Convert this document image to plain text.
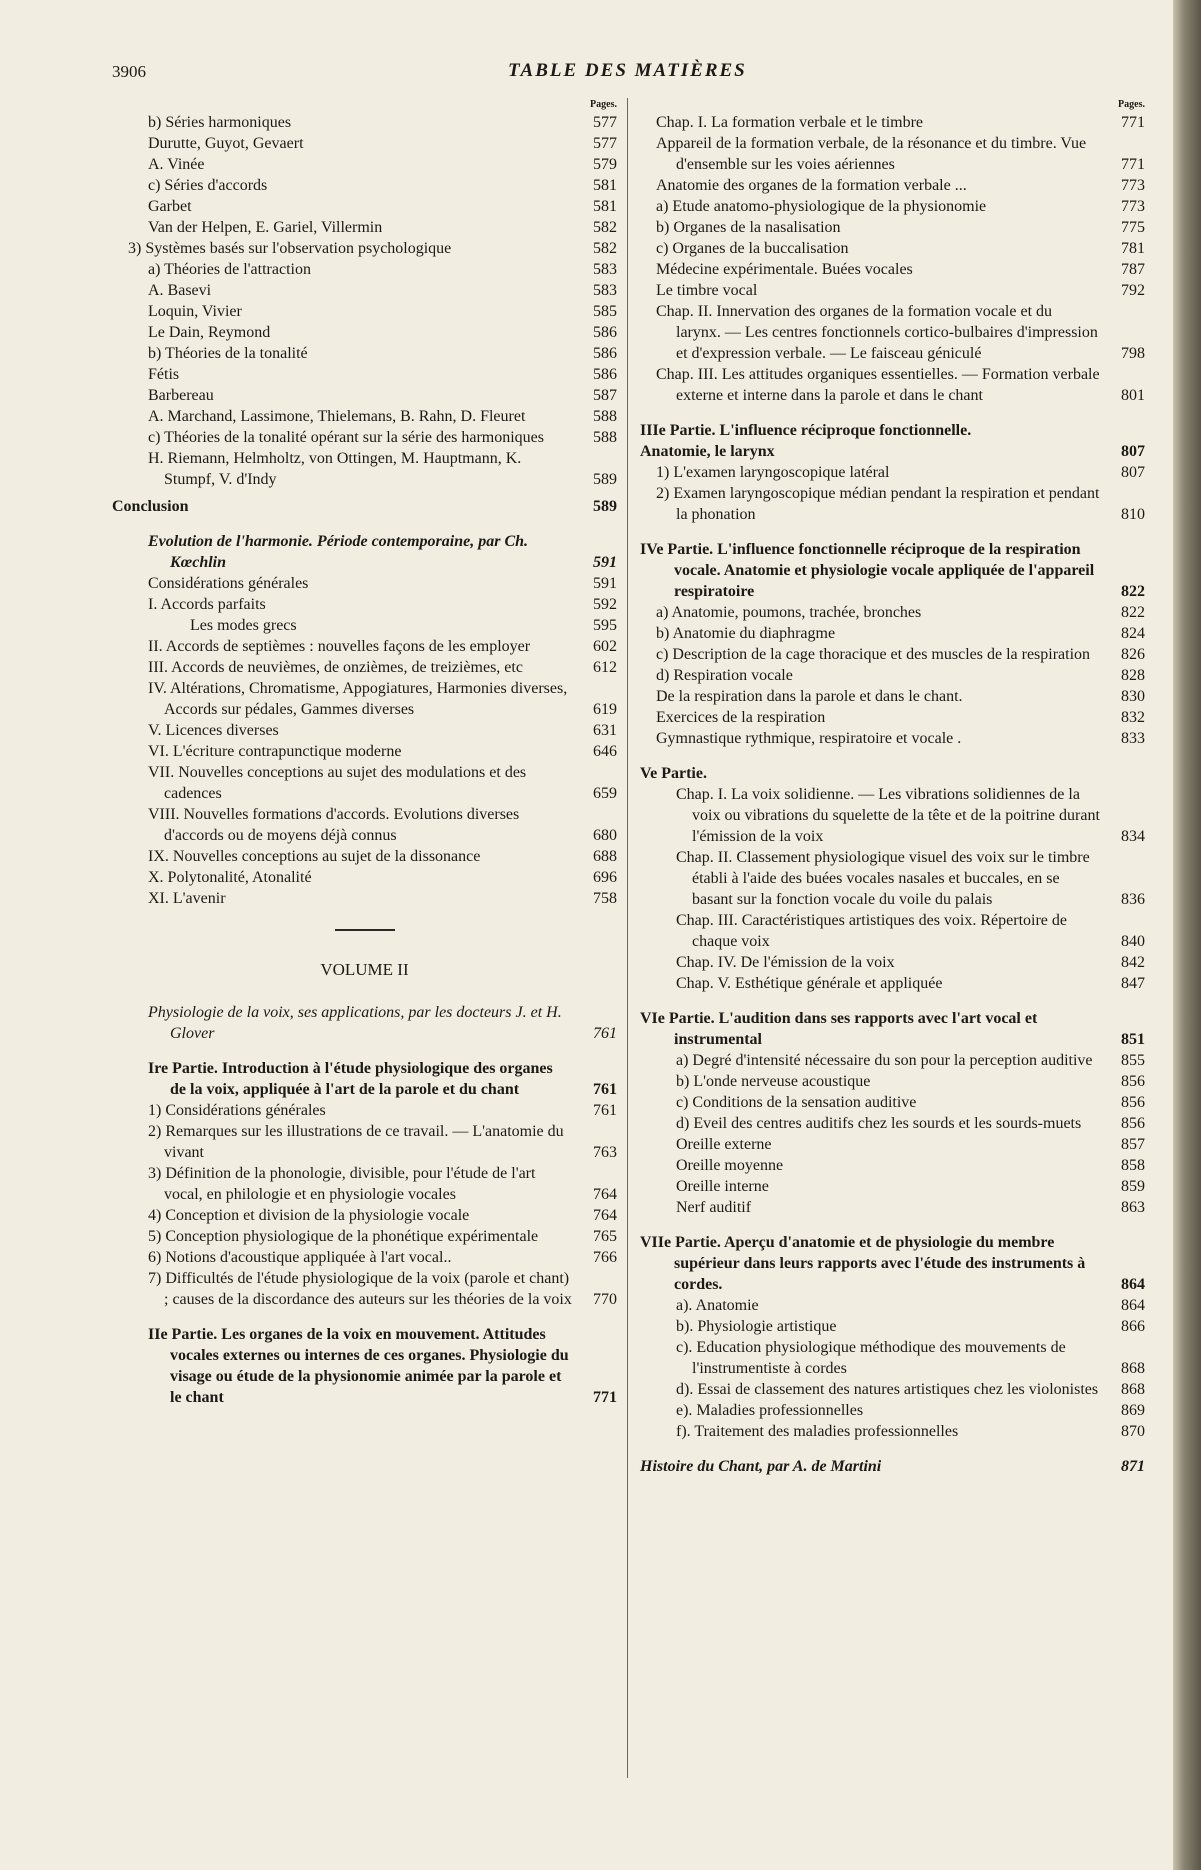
3906	TABLE DES MATIÈRES
Pages.
b) Séries harmoniques	577
Durutte, Guyot, Gevaert	577
A. Vinée	579
c) Séries d'accords	581
Garbet	581
Van der Helpen, E. Gariel, Villermin	582
3) Systèmes basés sur l'observation psychologique	582
a) Théories de l'attraction	583
A. Basevi	583
Loquin, Vivier	585
Le Dain, Reymond	586
b) Théories de la tonalité	586
Fétis	586
Barbereau	587
A. Marchand, Lassimone, Thielemans, B. Rahn, D. Fleuret	588
c) Théories de la tonalité opérant sur la série des harmoniques	588
H. Riemann, Helmholtz, von Ottingen, M. Hauptmann, K. Stumpf, V. d'Indy	589
Conclusion	589
Evolution de l'harmonie. Période contemporaine, par Ch. Kœchlin	591
Considérations générales	591
I. Accords parfaits	592
Les modes grecs	595
II. Accords de septièmes : nouvelles façons de les employer	602
III. Accords de neuvièmes, de onzièmes, de treizièmes, etc	612
IV. Altérations, Chromatisme, Appogiatures, Harmonies diverses, Accords sur pédales, Gammes diverses	619
V. Licences diverses	631
VI. L'écriture contrapunctique moderne	646
VII. Nouvelles conceptions au sujet des modulations et des cadences	659
VIII. Nouvelles formations d'accords. Evolutions diverses d'accords ou de moyens déjà connus	680
IX. Nouvelles conceptions au sujet de la dissonance	688
X. Polytonalité, Atonalité	696
XI. L'avenir	758
VOLUME II
Physiologie de la voix, ses applications, par les docteurs J. et H. Glover	761
Ire Partie. Introduction à l'étude physiologique des organes de la voix, appliquée à l'art de la parole et du chant	761
1) Considérations générales	761
2) Remarques sur les illustrations de ce travail. — L'anatomie du vivant	763
3) Définition de la phonologie, divisible, pour l'étude de l'art vocal, en philologie et en physiologie vocales	764
4) Conception et division de la physiologie vocale	764
5) Conception physiologique de la phonétique expérimentale	765
6) Notions d'acoustique appliquée à l'art vocal..	766
7) Difficultés de l'étude physiologique de la voix (parole et chant) ; causes de la discordance des auteurs sur les théories de la voix	770
IIe Partie. Les organes de la voix en mouvement. Attitudes vocales externes ou internes de ces organes. Physiologie du visage ou étude de la physionomie animée par la parole et le chant	771
Pages.
Chap. I. La formation verbale et le timbre	771
Appareil de la formation verbale, de la résonance et du timbre. Vue d'ensemble sur les voies aériennes	771
Anatomie des organes de la formation verbale ...	773
a) Etude anatomo-physiologique de la physionomie	773
b) Organes de la nasalisation	775
c) Organes de la buccalisation	781
Médecine expérimentale. Buées vocales	787
Le timbre vocal	792
Chap. II. Innervation des organes de la formation vocale et du larynx. — Les centres fonctionnels cortico-bulbaires d'impression et d'expression verbale. — Le faisceau géniculé	798
Chap. III. Les attitudes organiques essentielles. — Formation verbale externe et interne dans la parole et dans le chant	801
IIIe Partie. L'influence réciproque fonctionnelle.
Anatomie, le larynx	807
1) L'examen laryngoscopique latéral	807
2) Examen laryngoscopique médian pendant la respiration et pendant la phonation	810
IVe Partie. L'influence fonctionnelle réciproque de la respiration vocale. Anatomie et physiologie vocale appliquée de l'appareil respiratoire	822
a) Anatomie, poumons, trachée, bronches	822
b) Anatomie du diaphragme	824
c) Description de la cage thoracique et des muscles de la respiration	826
d) Respiration vocale	828
De la respiration dans la parole et dans le chant.	830
Exercices de la respiration	832
Gymnastique rythmique, respiratoire et vocale .	833
Ve Partie.
Chap. I. La voix solidienne. — Les vibrations solidiennes de la voix ou vibrations du squelette de la tête et de la poitrine durant l'émission de la voix	834
Chap. II. Classement physiologique visuel des voix sur le timbre établi à l'aide des buées vocales nasales et buccales, en se basant sur la fonction vocale du voile du palais	836
Chap. III. Caractéristiques artistiques des voix. Répertoire de chaque voix	840
Chap. IV. De l'émission de la voix	842
Chap. V. Esthétique générale et appliquée	847
VIe Partie. L'audition dans ses rapports avec l'art vocal et instrumental	851
a) Degré d'intensité nécessaire du son pour la perception auditive	855
b) L'onde nerveuse acoustique	856
c) Conditions de la sensation auditive	856
d) Eveil des centres auditifs chez les sourds et les sourds-muets	856
Oreille externe	857
Oreille moyenne	858
Oreille interne	859
Nerf auditif	863
VIIe Partie. Aperçu d'anatomie et de physiologie du membre supérieur dans leurs rapports avec l'étude des instruments à cordes.	864
a). Anatomie	864
b). Physiologie artistique	866
c). Education physiologique méthodique des mouvements de l'instrumentiste à cordes	868
d). Essai de classement des natures artistiques chez les violonistes	868
e). Maladies professionnelles	869
f). Traitement des maladies professionnelles	870
Histoire du Chant, par A. de Martini	871
